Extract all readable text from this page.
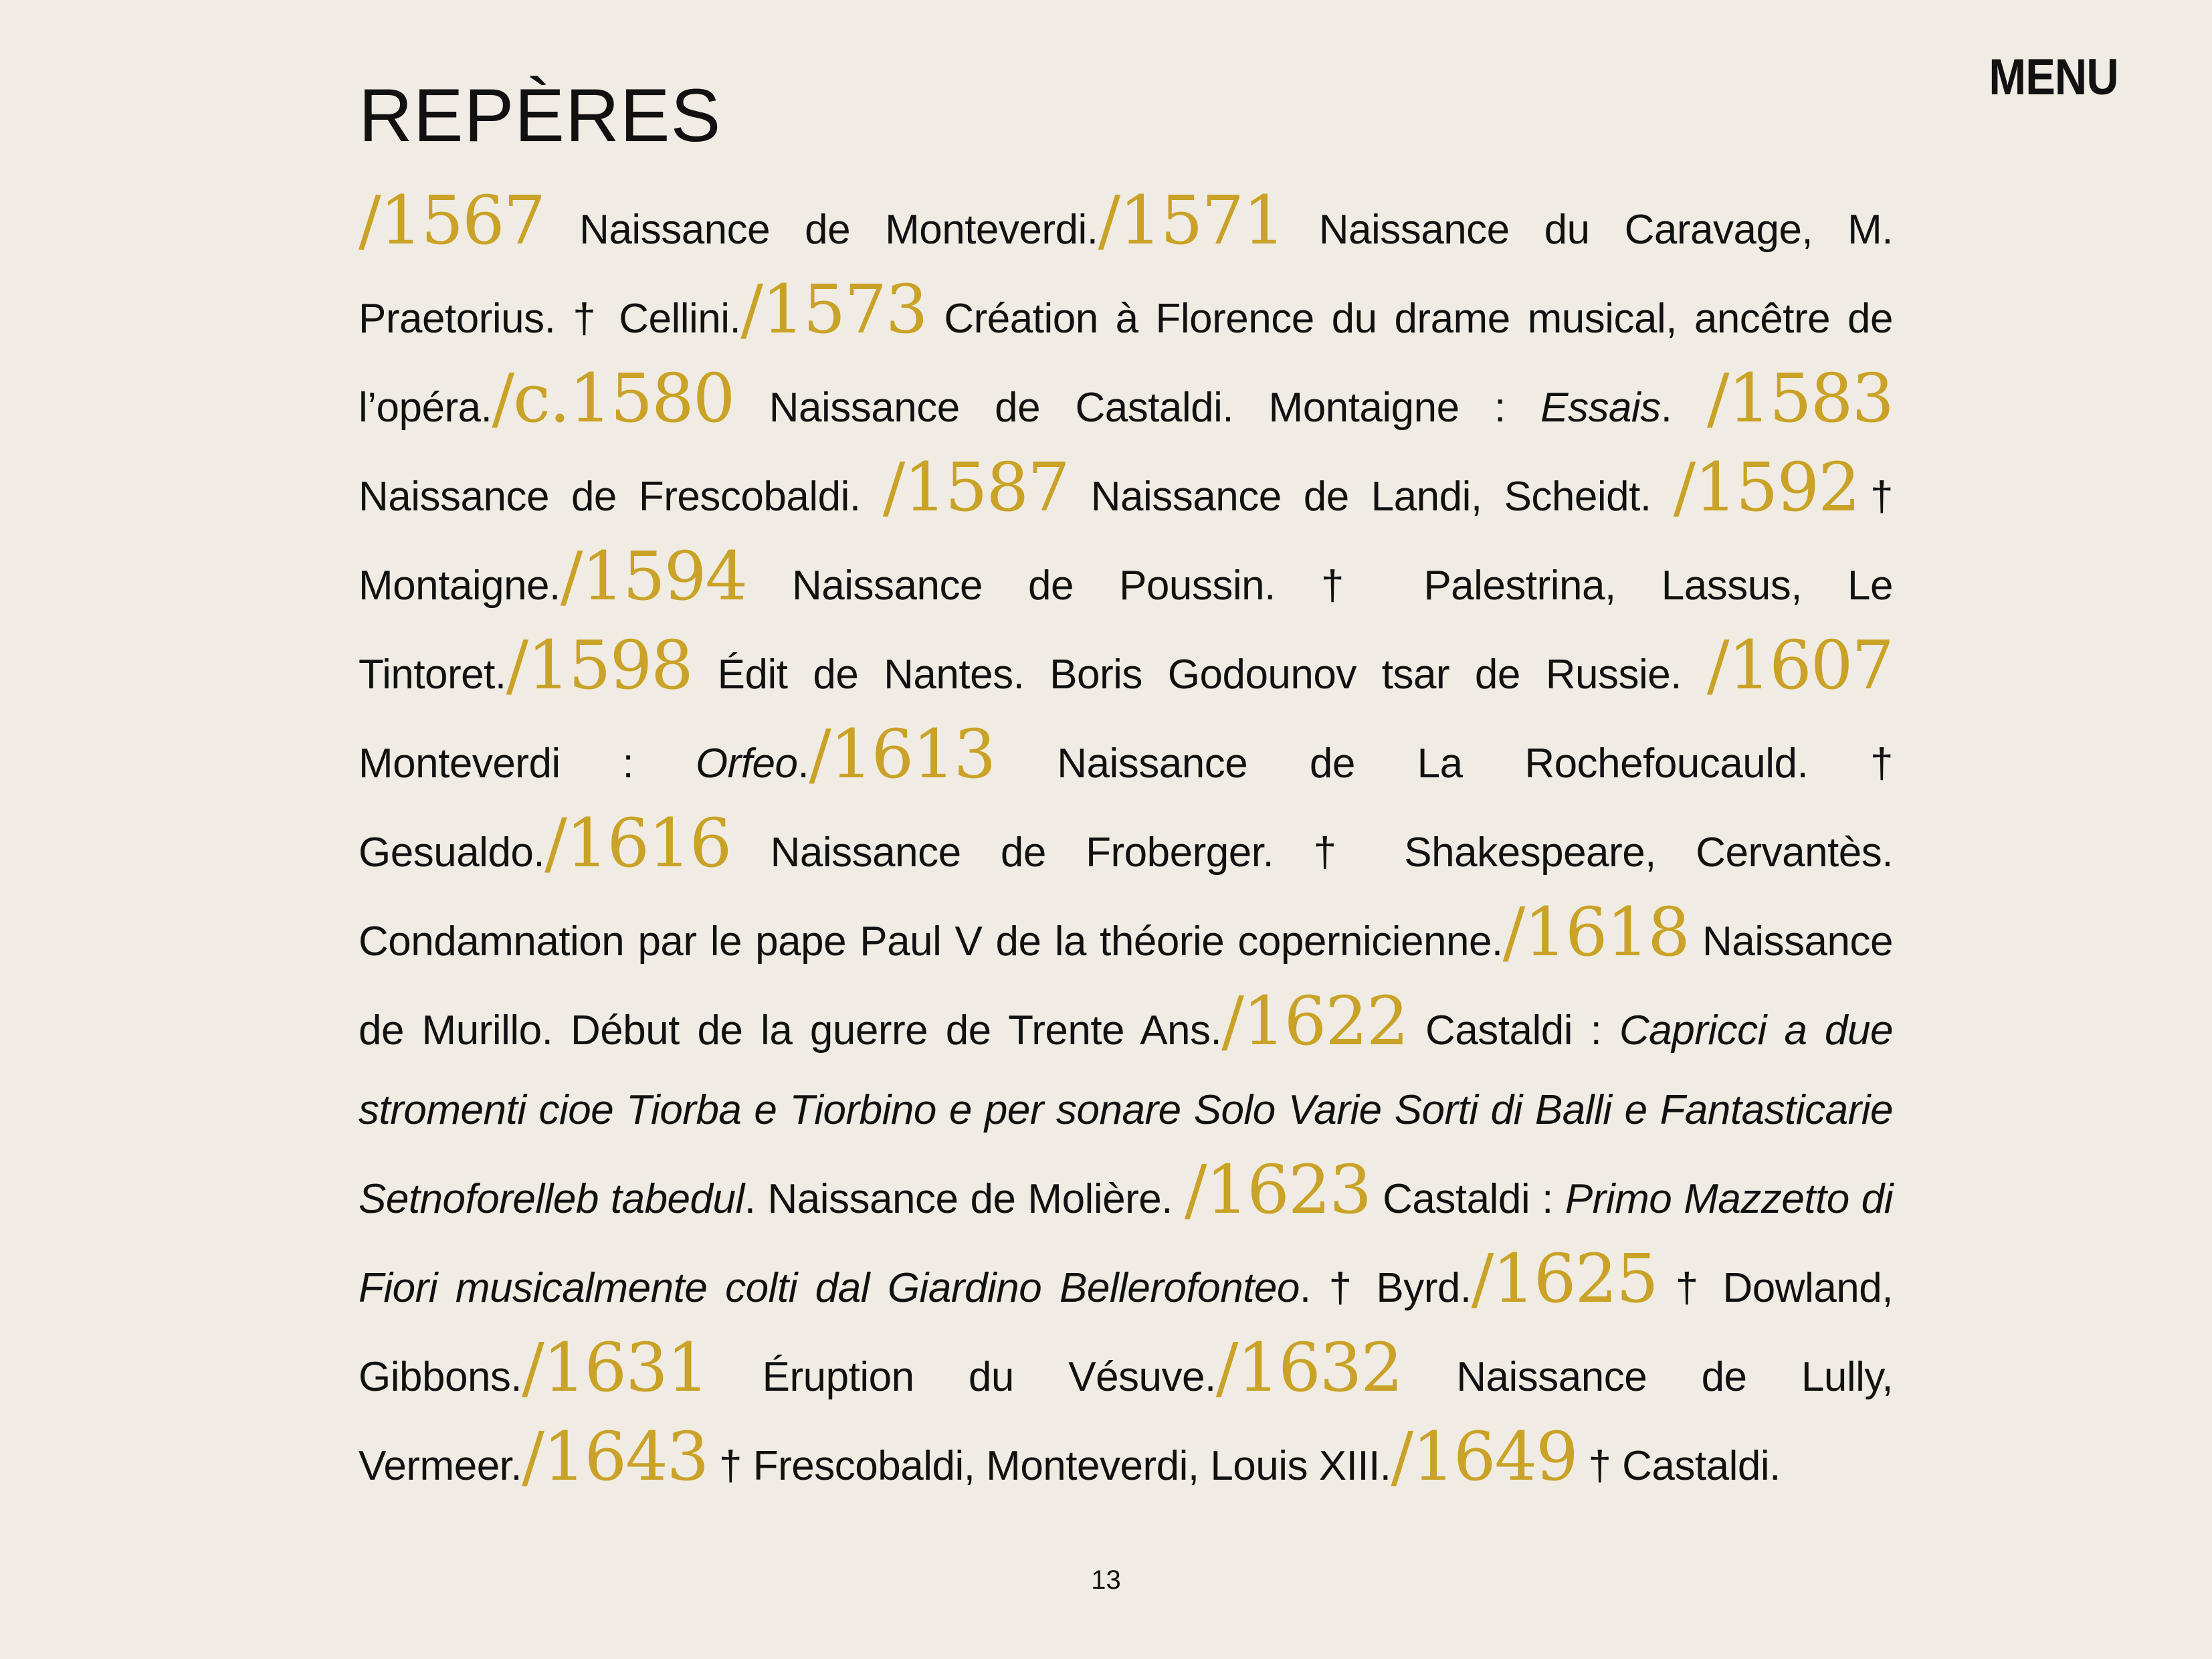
MENU
REPÈRES
/1567 Naissance de Monteverdi./1571 Naissance du Caravage, M. Praetorius. † Cellini./1573 Création à Florence du drame musical, ancêtre de l’opéra./c.1580 Naissance de Castaldi. Montaigne : Essais. /1583 Naissance de Frescobaldi. /1587 Naissance de Landi, Scheidt. /1592† Montaigne./1594 Naissance de Poussin. † Palestrina, Lassus, Le Tintoret./1598 Édit de Nantes. Boris Godounov tsar de Russie. /1607 Monteverdi : Orfeo./1613 Naissance de La Rochefoucauld. † Gesualdo./1616 Naissance de Froberger. † Shakespeare, Cervantès. Condamnation par le pape Paul V de la théorie copernicienne./1618 Naissance de Murillo. Début de la guerre de Trente Ans./1622 Castaldi : Capricci a due stromenti cioe Tiorba e Tiorbino e per sonare Solo Varie Sorti di Balli e Fantasticarie Setnoforelleb tabedul. Naissance de Molière. /1623 Castaldi : Primo Mazzetto di Fiori musicalmente colti dal Giardino Bellerofonteo. † Byrd./1625 † Dowland, Gibbons./1631 Éruption du Vésuve./1632 Naissance de Lully, Vermeer./1643 † Frescobaldi, Monteverdi, Louis XIII./1649 † Castaldi.
13
